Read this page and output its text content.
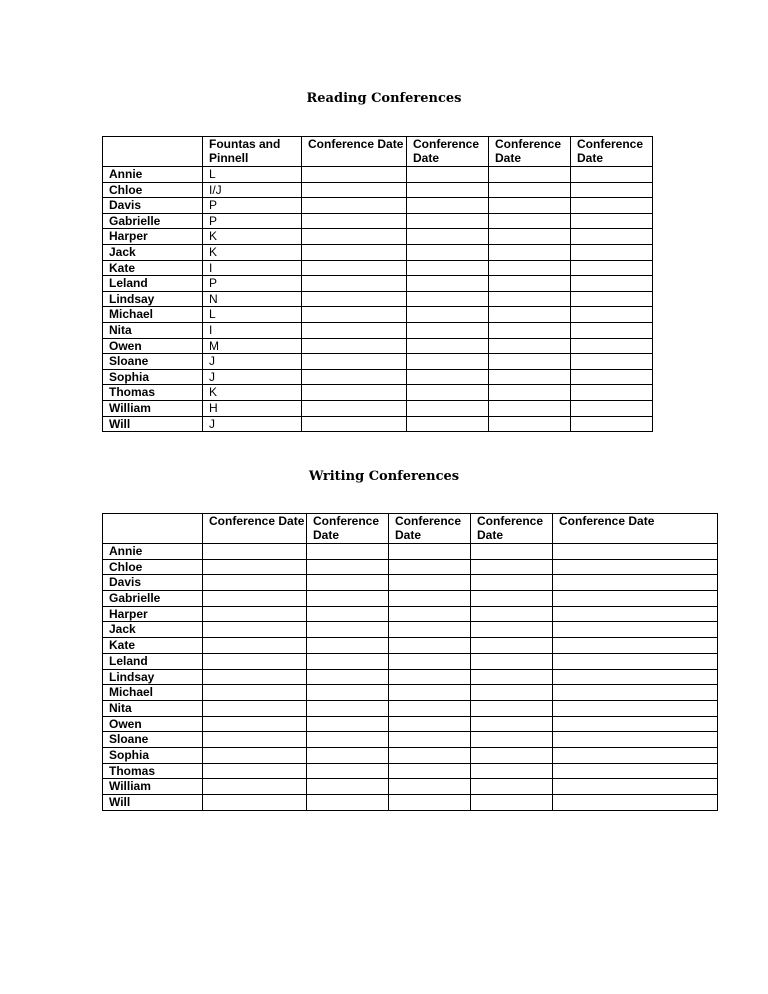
Reading Conferences
	Fountas and Pinnell	Conference Date	Conference Date	Conference Date	Conference Date
Annie	L				
Chloe	I/J				
Davis	P				
Gabrielle	P				
Harper	K				
Jack	K				
Kate	I				
Leland	P				
Lindsay	N				
Michael	L				
Nita	I				
Owen	M				
Sloane	J				
Sophia	J				
Thomas	K				
William	H				
Will	J				
Writing Conferences
	Conference Date	Conference Date	Conference Date	Conference Date	Conference Date
Annie					
Chloe					
Davis					
Gabrielle					
Harper					
Jack					
Kate					
Leland					
Lindsay					
Michael					
Nita					
Owen					
Sloane					
Sophia					
Thomas					
William					
Will					
